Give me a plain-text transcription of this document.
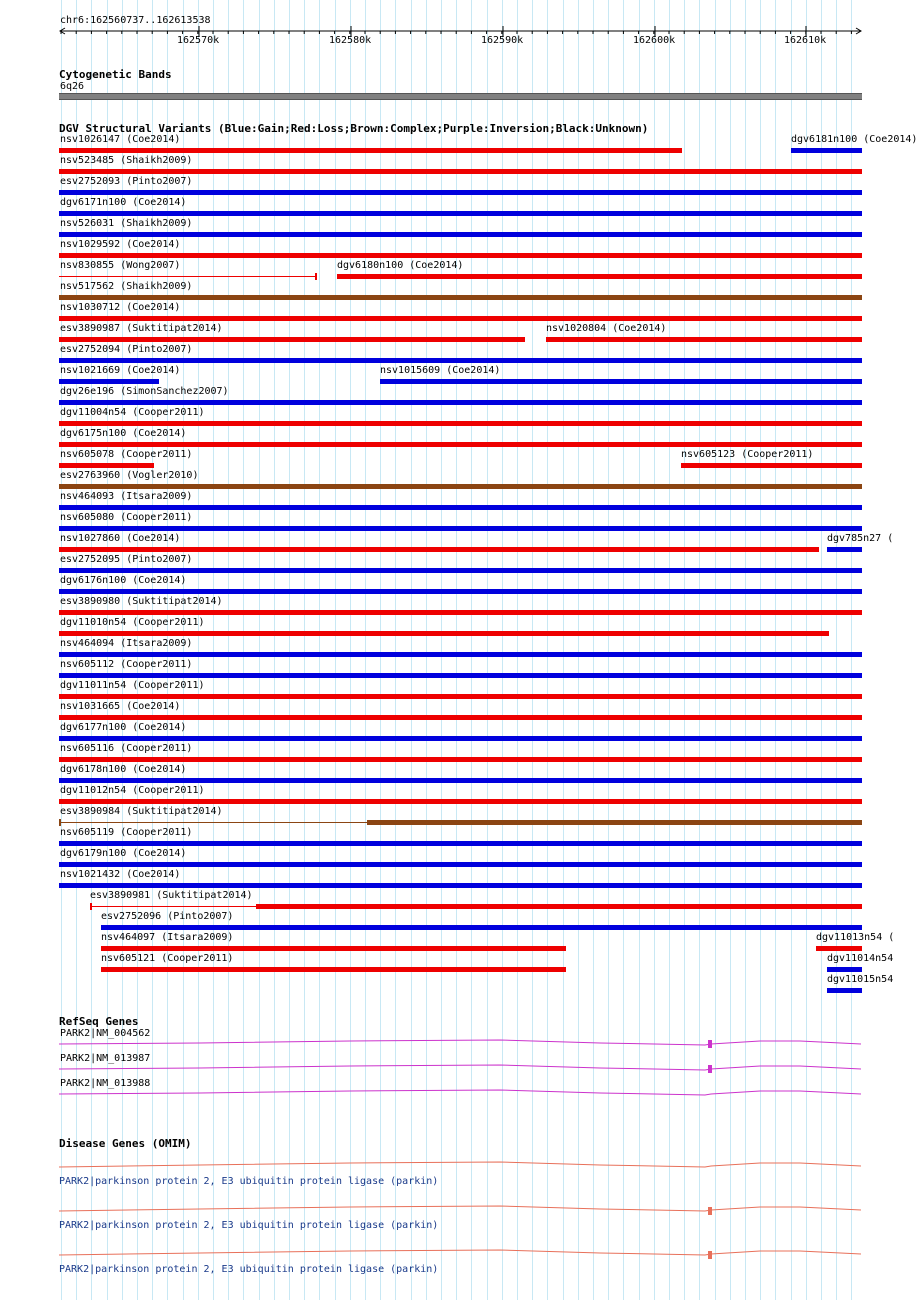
chr6:162560737..162613538
162570k	162580k	162590k	162600k	162610k
Cytogenetic Bands
6q26
DGV Structural Variants (Blue:Gain;Red:Loss;Brown:Complex;Purple:Inversion;Black:Unknown)
nsv1026147 (Coe2014)	dgv6181n100 (Coe2014)
nsv523485 (Shaikh2009)
esv2752093 (Pinto2007)
dgv6171n100 (Coe2014)
nsv526031 (Shaikh2009)
nsv1029592 (Coe2014)
nsv830855 (Wong2007)	dgv6180n100 (Coe2014)
nsv517562 (Shaikh2009)
nsv1030712 (Coe2014)
esv3890987 (Suktitipat2014)	nsv1020804 (Coe2014)
esv2752094 (Pinto2007)
nsv1021669 (Coe2014)	nsv1015609 (Coe2014)
dgv26e196 (SimonSanchez2007)
dgv11004n54 (Cooper2011)
dgv6175n100 (Coe2014)
nsv605078 (Cooper2011)	nsv605123 (Cooper2011)
esv2763960 (Vogler2010)
nsv464093 (Itsara2009)
nsv605080 (Cooper2011)
nsv1027860 (Coe2014)	dgv785n27 (
esv2752095 (Pinto2007)
dgv6176n100 (Coe2014)
esv3890980 (Suktitipat2014)
dgv11010n54 (Cooper2011)
nsv464094 (Itsara2009)
nsv605112 (Cooper2011)
dgv11011n54 (Cooper2011)
nsv1031665 (Coe2014)
dgv6177n100 (Coe2014)
nsv605116 (Cooper2011)
dgv6178n100 (Coe2014)
dgv11012n54 (Cooper2011)
esv3890984 (Suktitipat2014)
nsv605119 (Cooper2011)
dgv6179n100 (Coe2014)
nsv1021432 (Coe2014)
esv3890981 (Suktitipat2014)
esv2752096 (Pinto2007)
nsv464097 (Itsara2009)	dgv11013n54 (
nsv605121 (Cooper2011)	dgv11014n54
dgv11015n54
RefSeq Genes
PARK2|NM_004562
PARK2|NM_013987
PARK2|NM_013988
Disease Genes (OMIM)
PARK2|parkinson protein 2, E3 ubiquitin protein ligase (parkin)
PARK2|parkinson protein 2, E3 ubiquitin protein ligase (parkin)
PARK2|parkinson protein 2, E3 ubiquitin protein ligase (parkin)
